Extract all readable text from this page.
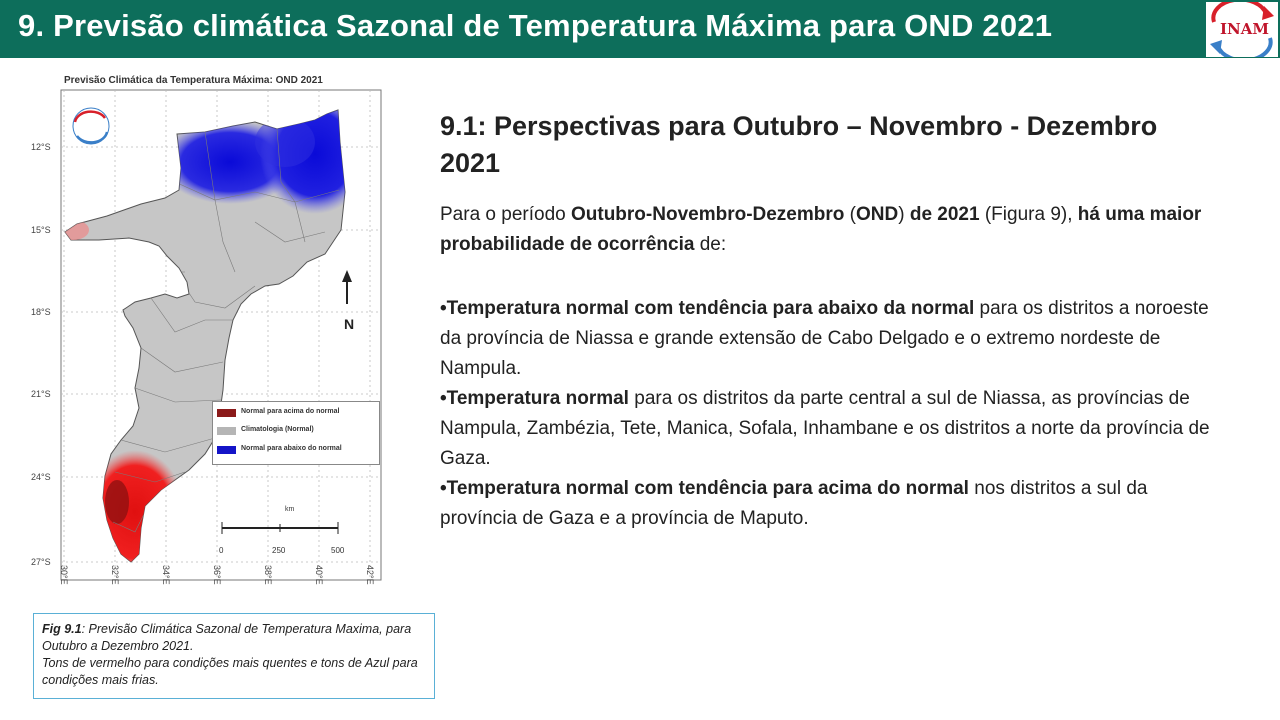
9. Previsão climática Sazonal de Temperatura Máxima para OND 2021	INAM
Previsão Climática da Temperatura Máxima: OND 2021
12°S
15°S
18°S
21°S
24°S
27°S
30°E	32°E	34°E	36°E	38°E	40°E	42°E
Normal para acima do normal
Climatologia (Normal)
Normal para abaixo do normal
N
km
0	250	500
Fig 9.1: Previsão Climática Sazonal de Temperatura Maxima, para Outubro a Dezembro 2021.
Tons de vermelho para condições mais quentes e tons de Azul para condições mais frias.
9.1: Perspectivas para Outubro – Novembro - Dezembro 2021

Para o período Outubro-Novembro-Dezembro (OND) de 2021 (Figura 9), há uma maior probabilidade de ocorrência de:

•Temperatura normal com tendência para abaixo da normal para os distritos a noroeste da província de Niassa e grande extensão de Cabo Delgado e o extremo nordeste de Nampula.

•Temperatura normal para os distritos da parte central a sul de Niassa, as províncias de Nampula, Zambézia, Tete, Manica, Sofala, Inhambane e os distritos a norte da província de Gaza.

•Temperatura normal com tendência para acima do normal nos distritos a sul da província de Gaza e a província de Maputo.
